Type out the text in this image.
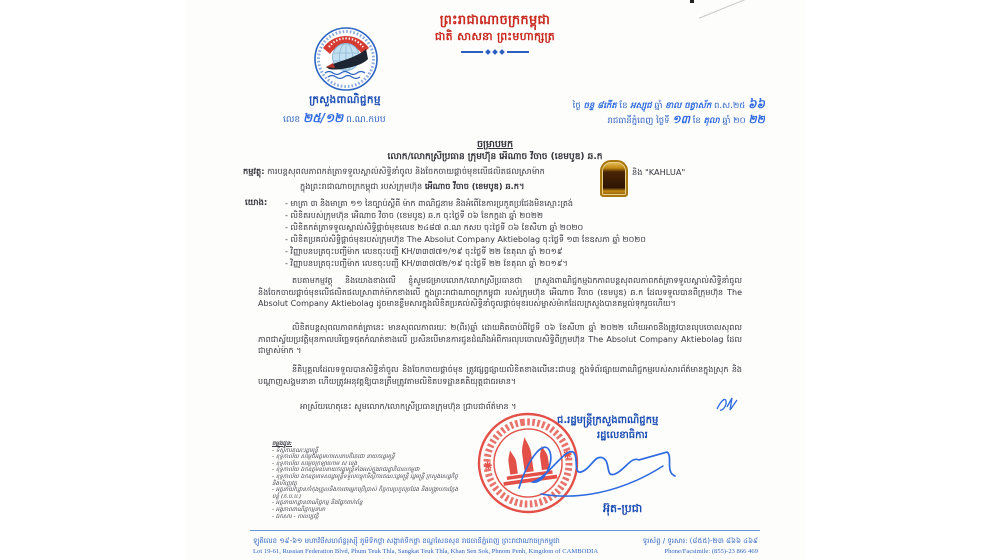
ព្រះរាជាណាចក្រកម្ពុជា
ជាតិ សាសនា ព្រះមហាក្សត្រ
ក្រសួងពាណិជ្ជកម្ម
លេខ ២៥/១២ ព.ណ.កបប
ថ្ងៃ ចន្ទ ៨កើត ខែ អស្សុជ ឆ្នាំ ខាល ចត្វាស័ក ព.ស.២៥ ៦៦
រាជធានីភ្នំពេញ ថ្ងៃទី ១៣ ខែ តុលា ឆ្នាំ ២០ ២២
ចម្រាបមក
លោក/លោកស្រីប្រធាន ក្រុមហ៊ុន អើណាច វីចាច (ខេមបូឌ) ឆ.ក
កម្មវត្ថុ: ការបន្តសុពលភាពកត់ត្រាទទួលស្គាល់សិទ្ធិនាំចូល និងចែកចាយផ្ដាច់មុខលើផលិតផលស្រាម៉ាក	និង "KAHLUA"
ក្នុងព្រះរាជាណាចក្រកម្ពុជា របស់ក្រុមហ៊ុន អើណាច វីចាច (ខេមបូឌ) ឆ.ក។
យោង:	- មាត្រា ៣ និងមាត្រា ១១ នៃច្បាប់ស្ដីពី ម៉ាក ពាណិជ្ជនាម និងអំពើនៃការប្រកួតប្រជែងមិនស្មោះត្រង់
- លិខិតរបស់ក្រុមហ៊ុន អើណាច វីចាច (ខេមបូឌ) ឆ.ក ចុះថ្ងៃទី ០៦ ខែកក្កដា ឆ្នាំ ២០២២
- លិខិតកត់ត្រាទទួលស្គាល់សិទ្ធិផ្ដាច់មុខលេខ ២៤៨៧ ព.ណ កសប ចុះថ្ងៃទី ០៦ ខែសីហា ឆ្នាំ ២០២០
- លិខិតប្រគល់សិទ្ធិផ្ដាច់មុខរបស់ក្រុមហ៊ុន The Absolut Company Aktiebolag ចុះថ្ងៃទី ១៣ ខែឧសភា ឆ្នាំ ២០២០
- វិញ្ញាបនបត្រចុះបញ្ជីម៉ាក លេខចុះបញ្ជី KH/៣៣៧៧១/១៩ ចុះថ្ងៃទី ២២ ខែតុលា ឆ្នាំ ២០១៩
- វិញ្ញាបនបត្រចុះបញ្ជីម៉ាក លេខចុះបញ្ជី KH/៣៣៧៧២/១៩ ចុះថ្ងៃទី ២២ ខែតុលា ឆ្នាំ ២០១៩។
តបតាមកម្មវត្ថុ និងយោងខាងលើ ខ្ញុំសូមជម្រាបលោក/លោកស្រីប្រធានថា ក្រសួងពាណិជ្ជកម្មឯកភាពបន្តសុពលភាពកត់ត្រាទទួលស្គាល់សិទ្ធិនាំចូល និងចែកចាយផ្ដាច់មុខលើផលិតផលស្រាពាក់ម៉ាកខាងលើ ក្នុងព្រះរាជាណាចក្រកម្ពុជា របស់ក្រុមហ៊ុន អើណាច វីចាច (ខេមបូឌ) ឆ.ក ដែលទទួលបានពីក្រុមហ៊ុន The Absolut Company Aktiebolag ដូចមានខ្លឹមសារក្នុងលិខិតប្រគល់សិទ្ធិនាំចូលផ្ដាច់មុខរបស់ម្ចាស់ម៉ាកដែលក្រសួងបានតម្កល់ទុករួចហើយ។
លិខិតបន្តសុពលភាពកត់ត្រានេះ មានសុពលភាពរយៈ ២(ពីរ)ឆ្នាំ ដោយគិតចាប់ពីថ្ងៃទី ០៦ ខែសីហា ឆ្នាំ ២០២២ ហើយអាចនឹងត្រូវបានលុបចោលសុពលភាពជាស្វ័យប្រវត្តិមុនកាលបរិច្ឆេទផុតកំណត់ខាងលើ ប្រសិនបើមានការជូនដំណឹងអំពីការលុបចោលសិទ្ធិពីក្រុមហ៊ុន The Absolut Company Aktiebolag ដែលជាម្ចាស់ម៉ាក ។
នីតិបុគ្គលដែលទទួលបានសិទ្ធិនាំចូល និងចែកចាយផ្ដាច់មុខ ត្រូវផ្សព្វផ្សាយលិខិតខាងលើនេះជាបន្ត ក្នុងទំព័រផ្សាយពាណិជ្ជកម្មរបស់សារព័ត៌មានក្នុងស្រុក និងបណ្ដាញសង្គមនានា ហើយត្រូវអនុវត្តឱ្យបានត្រឹមត្រូវតាមលិខិតបទដ្ឋានគតិយុត្តជាធរមាន។
អាស្រ័យហេតុនេះ សូមលោក/លោកស្រីប្រធានក្រុមហ៊ុន ជ្រាបជាព័ត៌មាន ។
ជ.រដ្ឋមន្ត្រីក្រសួងពាណិជ្ជកម្ម
រដ្ឋលេខាធិការ
អ៊ុត-ប្រជា
ចម្លងជូន:
- ទីស្ដីការគណៈរដ្ឋមន្ត្រី
- ខុទ្ទកាល័យ សម្ដេចអគ្គមហាសេនាបតីតេជោ នាយករដ្ឋមន្ត្រី
- ខុទ្ទកាល័យ សម្ដេចក្រឡាហោម ស ខេង
- ខុទ្ទកាល័យ ឯកឧត្ដមឧបនាយករដ្ឋមន្ត្រីទាំងអស់ក្នុងរាជរដ្ឋាភិបាលកម្ពុជា
- ខុទ្ទកាល័យ ឯកឧត្ដមទេសរដ្ឋមន្ត្រីទទួលបន្ទុកទីស្ដីការគណៈរដ្ឋមន្ត្រី រដ្ឋមន្ត្រី ក្រសួងសេដ្ឋកិច្ច និងហិរញ្ញវត្ថុ
- អគ្គនាយកដ្ឋានកាំកុងត្រូលនិងការពារអ្នកប្រើប្រាស់ កិច្ចការប្រកួតប្រជែង និងបង្ក្រាបការក្លែងបន្លំ (ក.ប.ប.)
- អគ្គនាយកដ្ឋានពាណិជ្ជកម្ម និងផ្នែកពាក់ព័ន្ធ
- អង្គភាពពាណិជ្ជកម្មនានា
- ឯកសារ - កាលប្បវត្តិ
ឡូតិ៍លេខ ១៩-៦១ មហាវិថីសហព័ន្ធរុស្ស៊ី ភូមិទឹកថ្លា សង្កាត់ទឹកថ្លា ខណ្ឌសែនសុខ រាជធានីភ្នំពេញ ព្រះរាជាណាចក្រកម្ពុជា	ទូរស័ព្ទ / ទូរសារ: (៨៥៥)-២៣ ៨៦៦ ៤៦៩
Lot 19-61, Russian Federation Blvd, Phum Teuk Thla, Sangkat Teuk Thla, Khan Sen Sok, Phnom Penh, Kingdom of CAMBODIA	Phone/Facsimile: (855)-23 866 469
